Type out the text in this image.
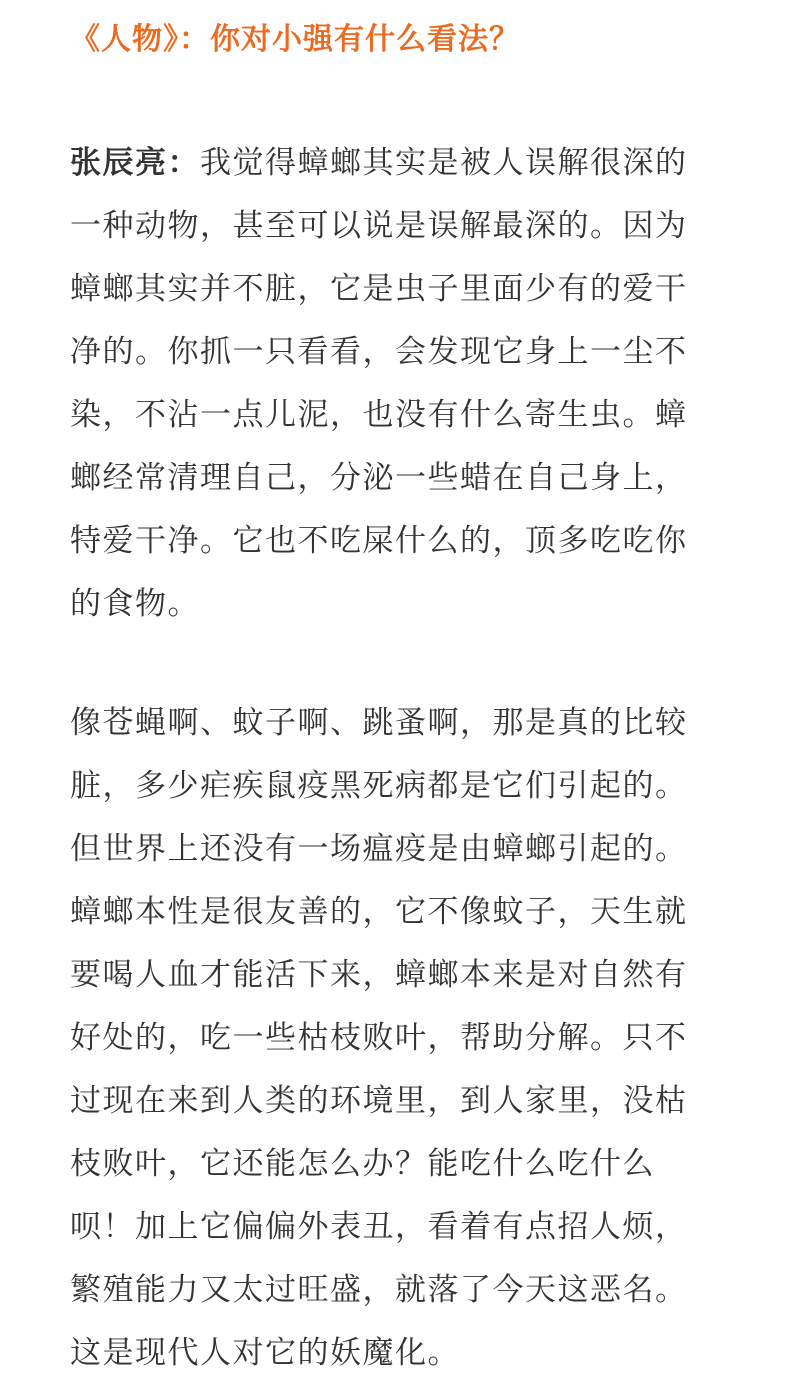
《人物》：你对小强有什么看法？
张辰亮：我觉得蟑螂其实是被人误解很深的
一种动物，甚至可以说是误解最深的。因为
蟑螂其实并不脏，它是虫子里面少有的爱干
净的。你抓一只看看，会发现它身上一尘不
染，不沾一点儿泥，也没有什么寄生虫。蟑
螂经常清理自己，分泌一些蜡在自己身上，
特爱干净。它也不吃屎什么的，顶多吃吃你
的食物。
像苍蝇啊、蚊子啊、跳蚤啊，那是真的比较
脏，多少疟疾鼠疫黑死病都是它们引起的。
但世界上还没有一场瘟疫是由蟑螂引起的。
蟑螂本性是很友善的，它不像蚊子，天生就
要喝人血才能活下来，蟑螂本来是对自然有
好处的，吃一些枯枝败叶，帮助分解。只不
过现在来到人类的环境里，到人家里，没枯
枝败叶，它还能怎么办？能吃什么吃什么
呗！加上它偏偏外表丑，看着有点招人烦，
繁殖能力又太过旺盛，就落了今天这恶名。
这是现代人对它的妖魔化。
